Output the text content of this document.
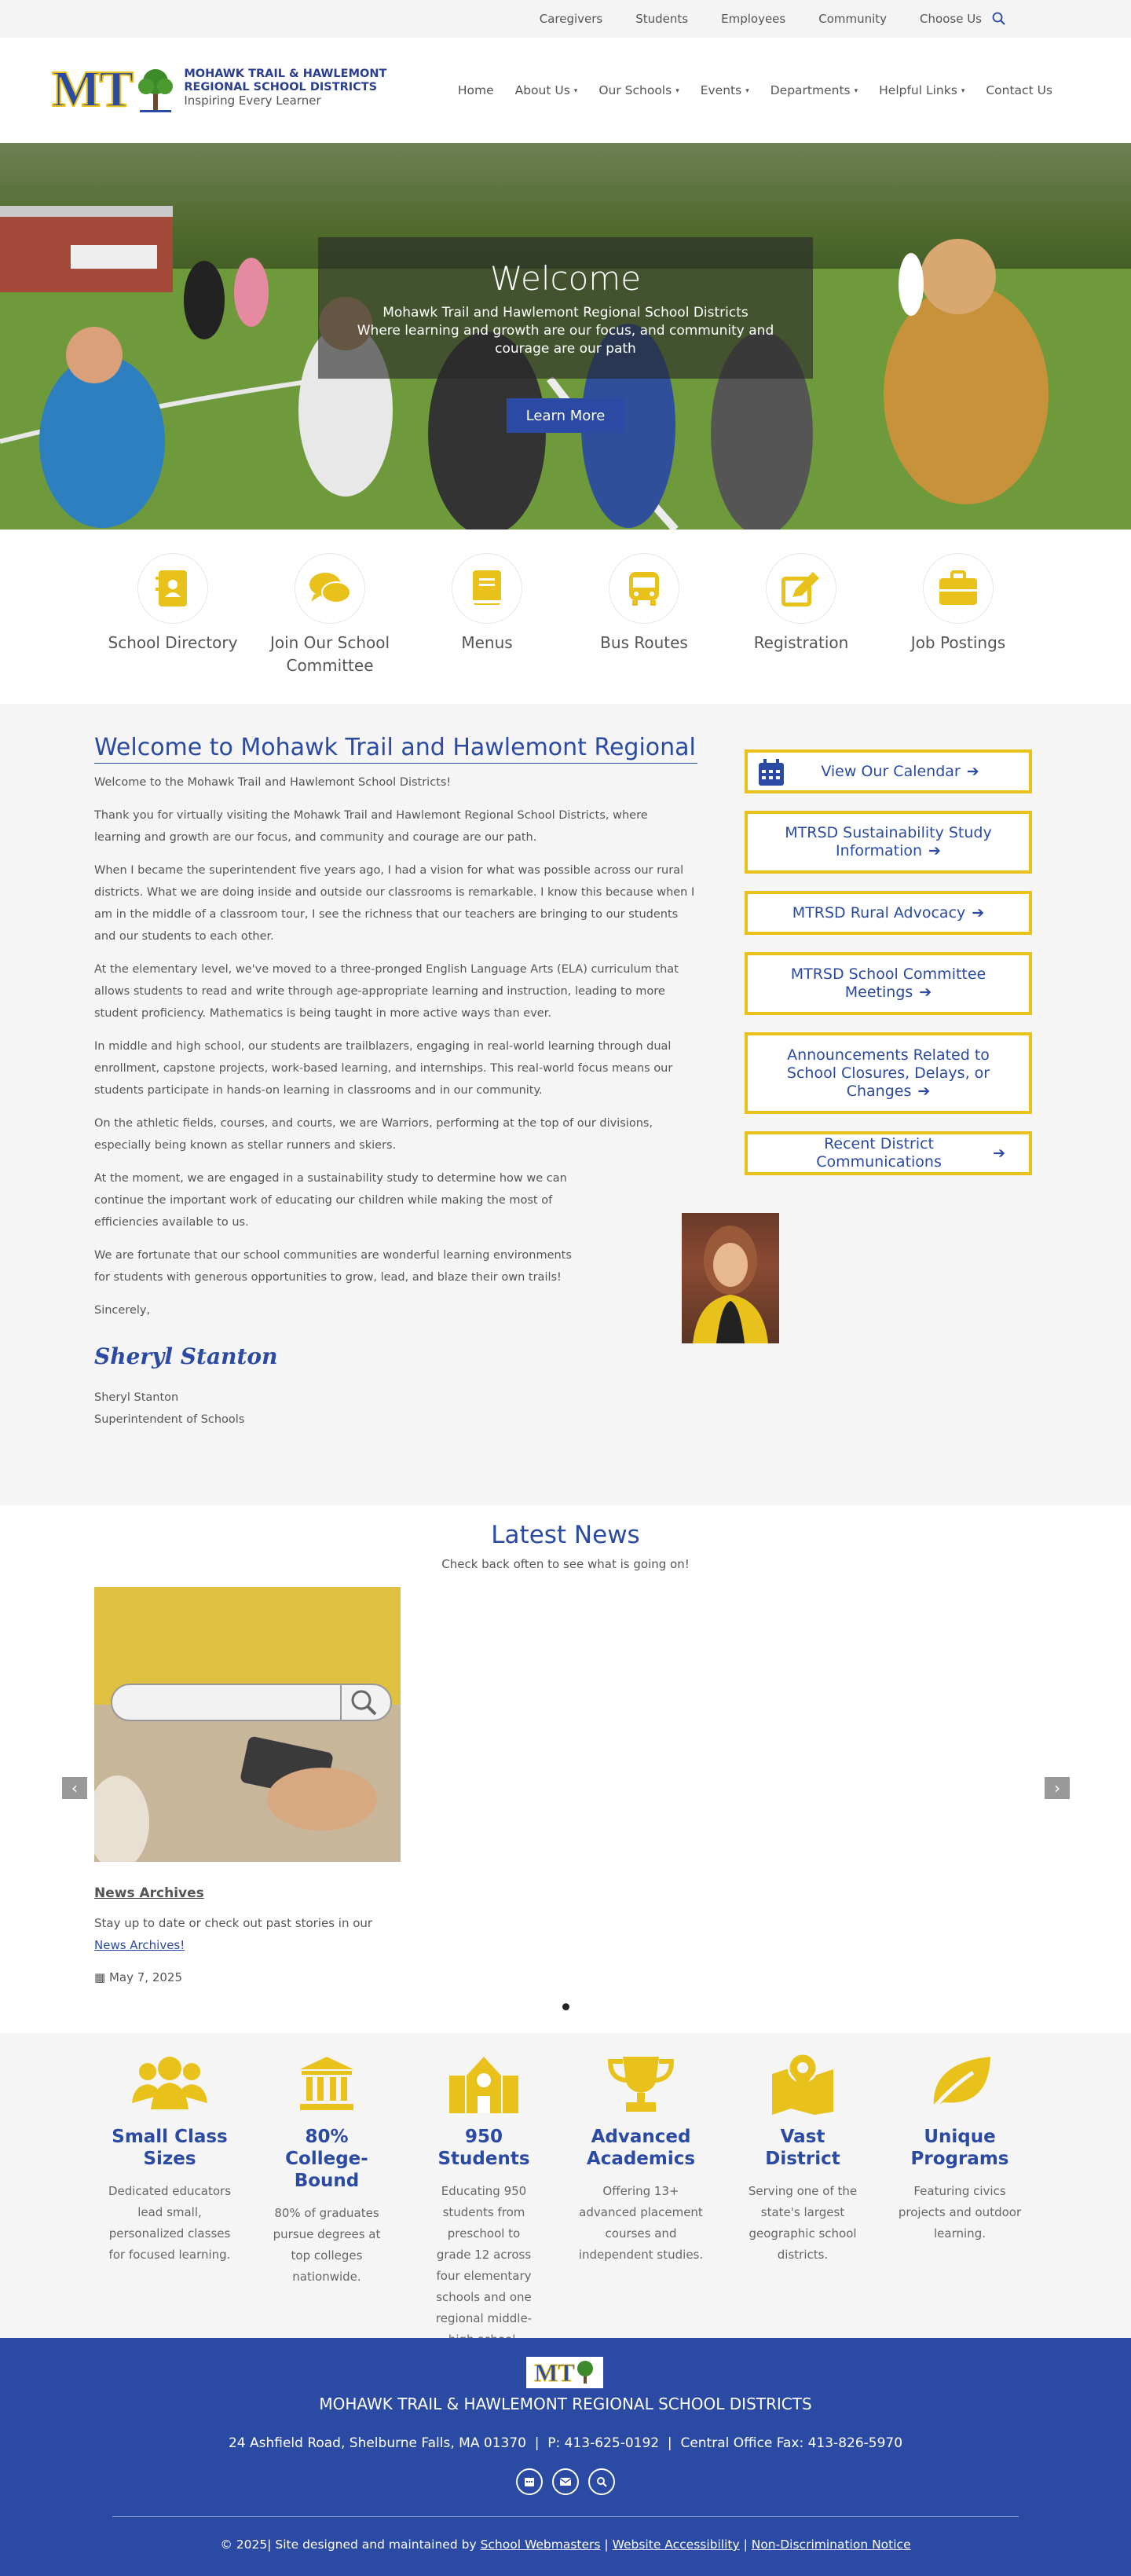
Caregivers	Students	Employees	Community	Choose Us
MT	MOHAWK TRAIL & HAWLEMONT
REGIONAL SCHOOL DISTRICTS
Inspiring Every Learner
Home About Us ▾ Our Schools ▾ Events ▾ Departments ▾ Helpful Links ▾ Contact Us
Welcome
Mohawk Trail and Hawlemont Regional School Districts
Where learning and growth are our focus, and community and courage are our path
Learn More
School Directory	Join Our School Committee
Menus	Bus Routes	Registration	Job Postings
Welcome to Mohawk Trail and Hawlemont Regional
Welcome to the Mohawk Trail and Hawlemont School Districts!
Thank you for virtually visiting the Mohawk Trail and Hawlemont Regional School Districts, where learning and growth are our focus, and community and courage are our path.
When I became the superintendent five years ago, I had a vision for what was possible across our rural districts. What we are doing inside and outside our classrooms is remarkable. I know this because when I am in the middle of a classroom tour, I see the richness that our teachers are bringing to our students and our students to each other.
At the elementary level, we've moved to a three-pronged English Language Arts (ELA) curriculum that allows students to read and write through age-appropriate learning and instruction, leading to more student proficiency. Mathematics is being taught in more active ways than ever.
In middle and high school, our students are trailblazers, engaging in real-world learning through dual enrollment, capstone projects, work-based learning, and internships. This real-world focus means our students participate in hands-on learning in classrooms and in our community.
On the athletic fields, courses, and courts, we are Warriors, performing at the top of our divisions, especially being known as stellar runners and skiers.
At the moment, we are engaged in a sustainability study to determine how we can continue the important work of educating our children while making the most of efficiencies available to us.
We are fortunate that our school communities are wonderful learning environments for students with generous opportunities to grow, lead, and blaze their own trails!
Sincerely,
Sheryl Stanton
Sheryl Stanton
Superintendent of Schools
View Our Calendar ➔
MTRSD Sustainability Study Information ➔
MTRSD Rural Advocacy ➔
MTRSD School Committee Meetings ➔
Announcements Related to School Closures, Delays, or Changes ➔
Recent District Communications
➔
Latest News
Check back often to see what is going on!
News Archives
Stay up to date or check out past stories in our
News Archives!
▦ May 7, 2025
‹	›
Small Class Sizes
Dedicated educators lead small, personalized classes for focused learning.
80% College-Bound
80% of graduates pursue degrees at top colleges nationwide.
950 Students
Educating 950 students from preschool to grade 12 across four elementary schools and one regional middle-
Advanced Academics
Offering 13+ advanced placement courses and independent studies.
Vast District
Serving one of the state's largest geographic school districts.
Unique Programs
Featuring civics projects and outdoor learning.
MT
MOHAWK TRAIL & HAWLEMONT REGIONAL SCHOOL DISTRICTS
24 Ashfield Road, Shelburne Falls, MA 01370  |  P: 413-625-0192  |  Central Office Fax: 413-826-5970
© 2025| Site designed and maintained by School Webmasters | Website Accessibility | Non-Discrimination Notice
